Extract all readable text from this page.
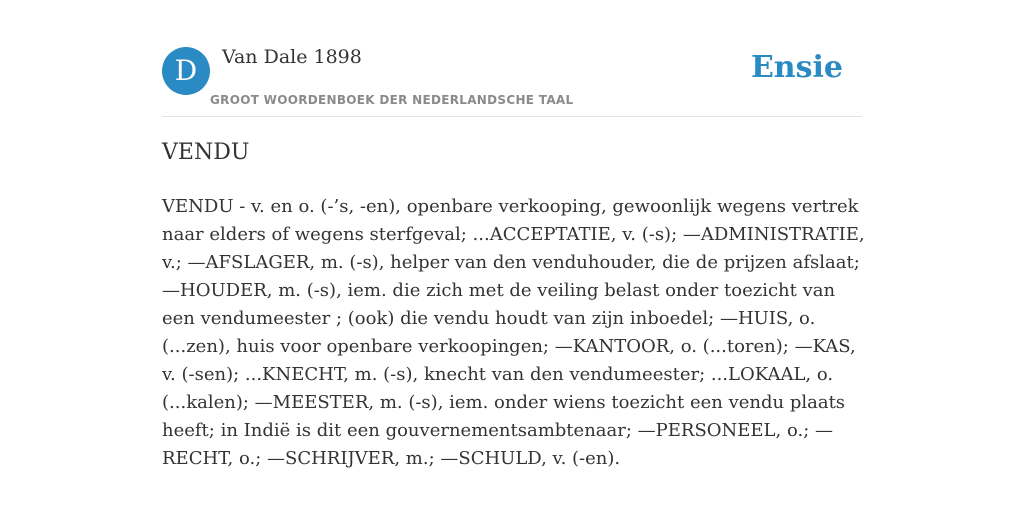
D	Van Dale 1898
GROOT WOORDENBOEK DER NEDERLANDSCHE TAAL
Ensie
VENDU

VENDU - v. en o. (-’s, -en), openbare verkooping, gewoonlijk wegens vertrek naar elders of wegens sterfgeval; ...ACCEPTATIE, v. (-s); —ADMINISTRATIE, v.; —AFSLAGER, m. (-s), helper van den venduhouder, die de prijzen afslaat; —HOUDER, m. (-s), iem. die zich met de veiling belast onder toezicht van een vendumeester ; (ook) die vendu houdt van zijn inboedel; —HUIS, o. (...zen), huis voor openbare verkoopingen; —KANTOOR, o. (...toren); —KAS, v. (-sen); ...KNECHT, m. (-s), knecht van den vendumeester; ...LOKAAL, o. (...kalen); —MEESTER, m. (-s), iem. onder wiens toezicht een vendu plaats heeft; in Indië is dit een gouvernementsambtenaar; —PERSONEEL, o.; —RECHT, o.; —SCHRIJVER, m.; —SCHULD, v. (-en).
